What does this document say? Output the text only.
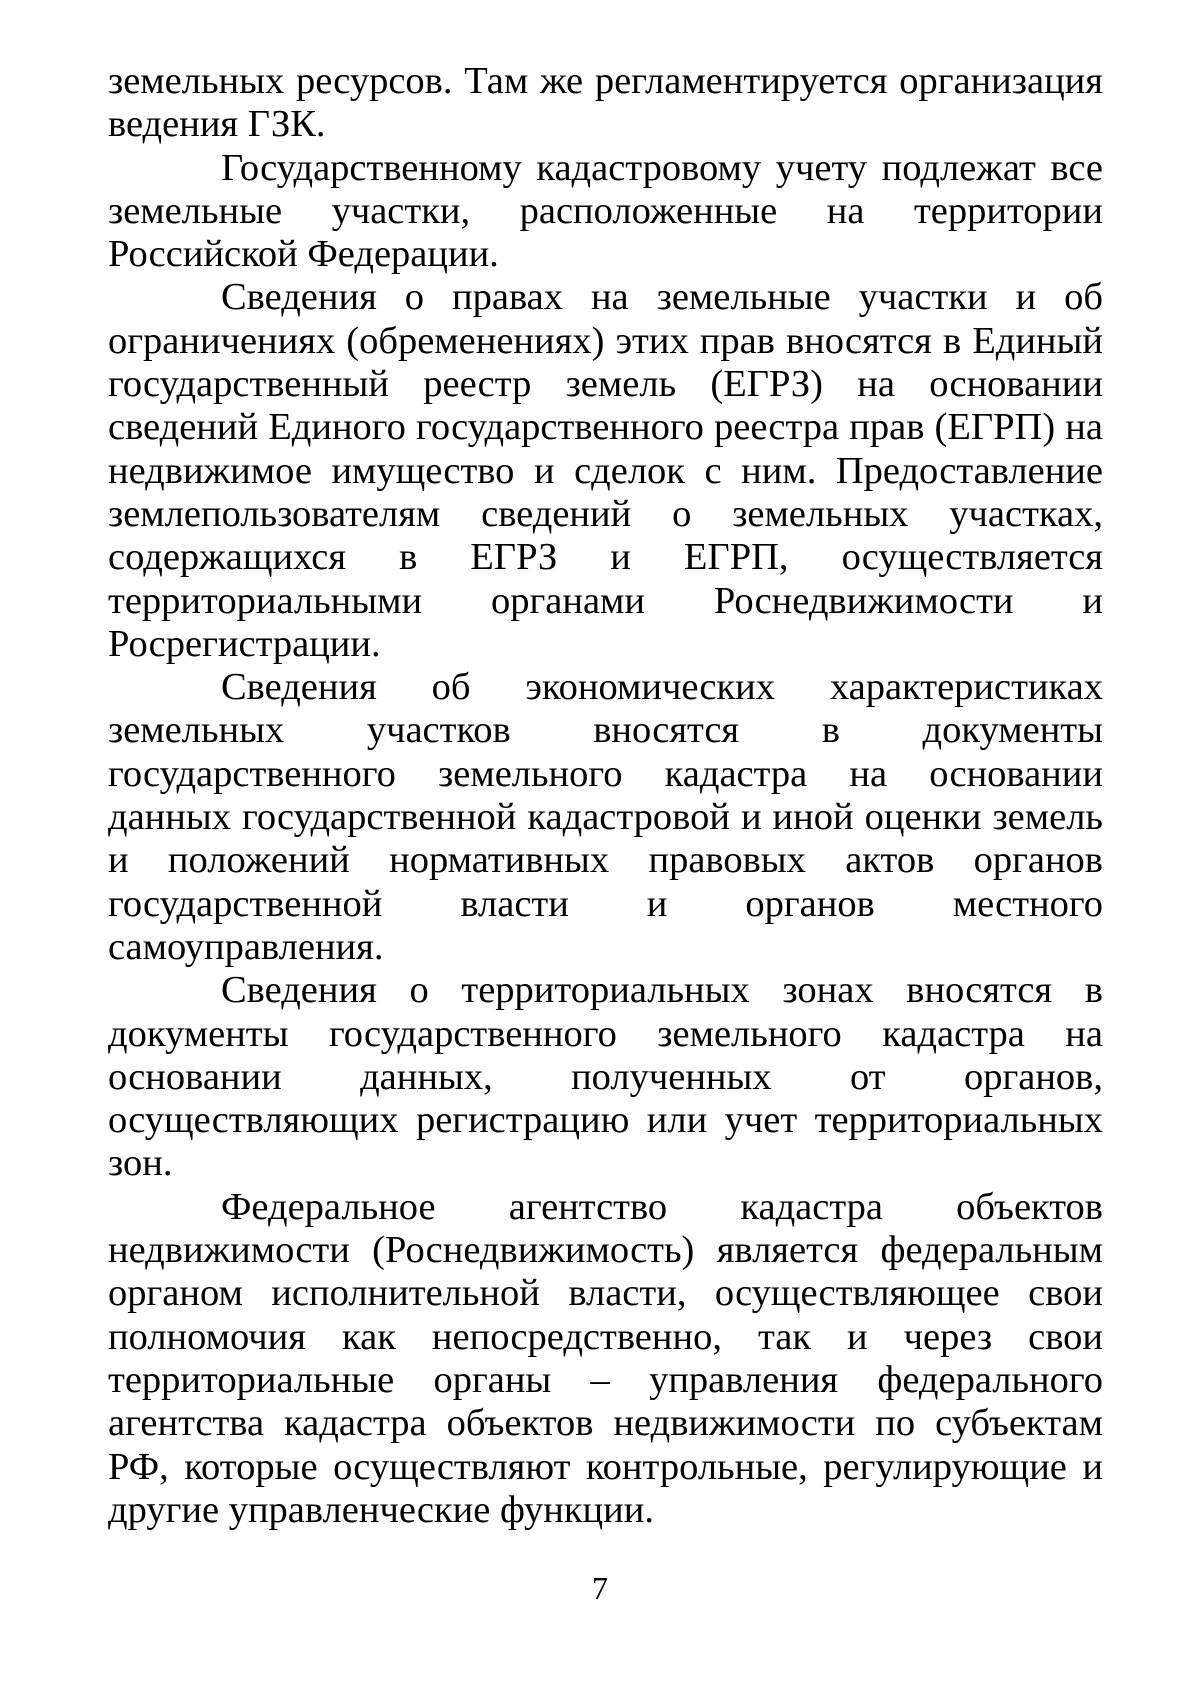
земельных ресурсов. Там же регламентируется организация ведения ГЗК.

Государственному кадастровому учету подлежат все земельные участки, расположенные на территории Российской Федерации.

Сведения о правах на земельные участки и об ограничениях (обременениях) этих прав вносятся в Единый государственный реестр земель (ЕГРЗ) на основании сведений Единого государственного реестра прав (ЕГРП) на недвижимое имущество и сделок с ним. Предоставление землепользователям сведений о земельных участках, содержащихся в ЕГРЗ и ЕГРП, осуществляется территориальными органами Роснедвижимости и Росрегистрации.

Сведения об экономических характеристиках земельных участков вносятся в документы государственного земельного кадастра на основании данных государственной кадастровой и иной оценки земель и положений нормативных правовых актов органов государственной власти и органов местного самоуправления.

Сведения о территориальных зонах вносятся в документы государственного земельного кадастра на основании данных, полученных от органов, осуществляющих регистрацию или учет территориальных зон.

Федеральное агентство кадастра объектов недвижимости (Роснедвижимость) является федеральным органом исполнительной власти, осуществляющее свои полномочия как непосредственно, так и через свои территориальные органы – управления федерального агентства кадастра объектов недвижимости по субъектам РФ, которые осуществляют контрольные, регулирующие и другие управленческие функции.

7
